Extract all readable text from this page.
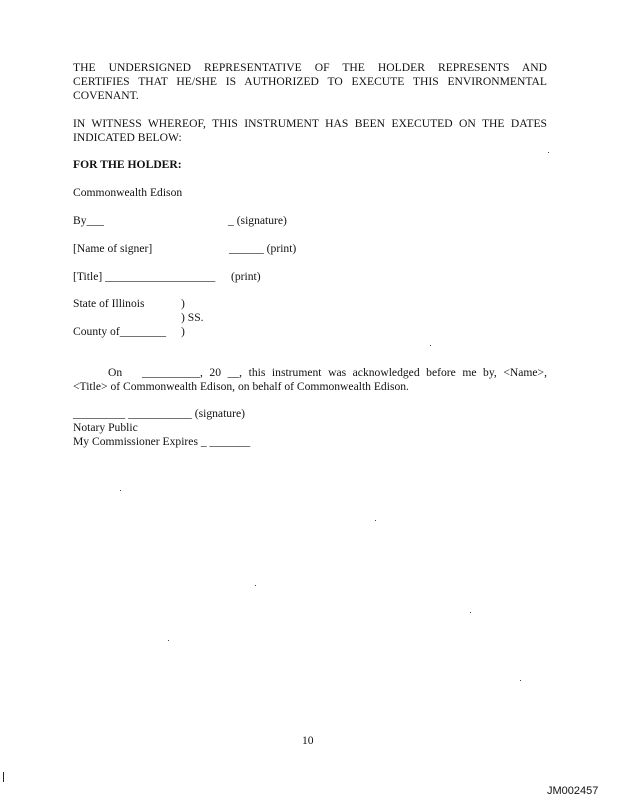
THE UNDERSIGNED REPRESENTATIVE OF THE HOLDER REPRESENTS AND
CERTIFIES THAT HE/SHE IS AUTHORIZED TO EXECUTE THIS ENVIRONMENTAL
COVENANT.
IN WITNESS WHEREOF, THIS INSTRUMENT HAS BEEN EXECUTED ON THE DATES
INDICATED BELOW:
FOR THE HOLDER:
Commonwealth Edison
By___	_ (signature)
[Name of signer]	______ (print)
[Title] ___________________ (print)
State of Illinois	)
) SS.
County of________ )
On __________, 20 __, this instrument was acknowledged before me by, <Name>,
<Title> of Commonwealth Edison, on behalf of Commonwealth Edison.
_________ ___________ (signature)
Notary Public
My Commissioner Expires _ _______
10
JM002457
